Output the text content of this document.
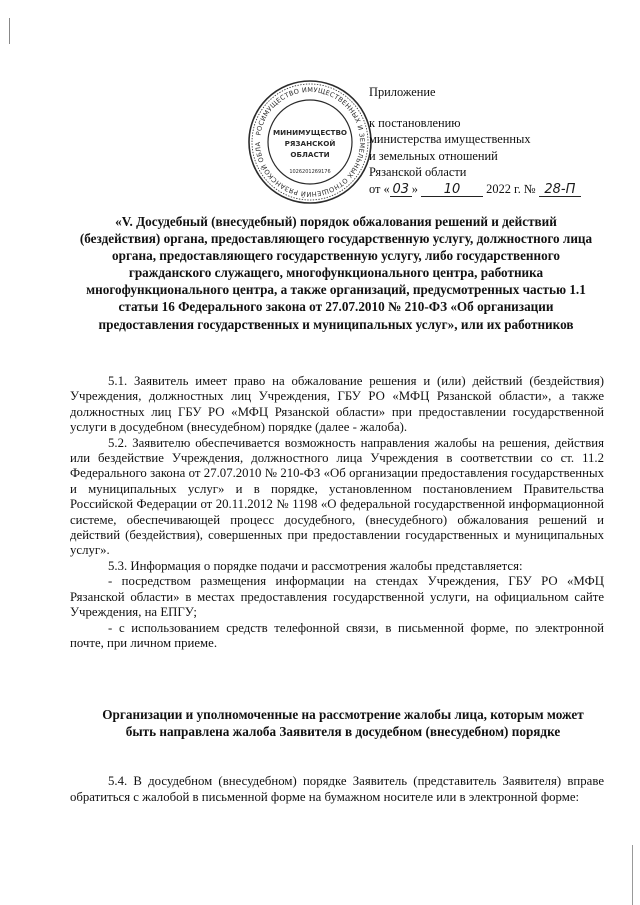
РОСИМУЩЕСТВО ИМУЩЕСТВЕННЫХ И ЗЕМЕЛЬНЫХ ОТНОШЕНИЙ РЯЗАНСКОЙ ОБЛА
МИНИМУЩЕСТВО
РЯЗАНСКОЙ
ОБЛАСТИ
1026201269176
Приложение
к постановлению
министерства имущественных
и земельных отношений
Рязанской области
от « 03 » 10 2022 г. № 28-П
«V. Досудебный (внесудебный) порядок обжалования решений и действий (бездействия) органа, предоставляющего государственную услугу, должностного лица органа, предоставляющего государственную услугу, либо государственного гражданского служащего, многофункционального центра, работника многофункционального центра, а также организаций, предусмотренных частью 1.1 статьи 16 Федерального закона от 27.07.2010 № 210-ФЗ «Об организации предоставления государственных и муниципальных услуг», или их работников

5.1. Заявитель имеет право на обжалование решения и (или) действий (бездействия) Учреждения, должностных лиц Учреждения, ГБУ РО «МФЦ Рязанской области», а также должностных лиц ГБУ РО «МФЦ Рязанской области» при предоставлении государственной услуги в досудебном (внесудебном) порядке (далее - жалоба).

5.2. Заявителю обеспечивается возможность направления жалобы на решения, действия или бездействие Учреждения, должностного лица Учреждения в соответствии со ст. 11.2 Федерального закона от 27.07.2010 № 210-ФЗ «Об организации предоставления государственных и муниципальных услуг» и в порядке, установленном постановлением Правительства Российской Федерации от 20.11.2012 № 1198 «О федеральной государственной информационной системе, обеспечивающей процесс досудебного, (внесудебного) обжалования решений и действий (бездействия), совершенных при предоставлении государственных и муниципальных услуг».

5.3. Информация о порядке подачи и рассмотрения жалобы представляется:

- посредством размещения информации на стендах Учреждения, ГБУ РО «МФЦ Рязанской области» в местах предоставления государственной услуги, на официальном сайте Учреждения, на ЕПГУ;

- с использованием средств телефонной связи, в письменной форме, по электронной почте, при личном приеме.

Организации и уполномоченные на рассмотрение жалобы лица, которым может быть направлена жалоба Заявителя в досудебном (внесудебном) порядке

5.4. В досудебном (внесудебном) порядке Заявитель (представитель Заявителя) вправе обратиться с жалобой в письменной форме на бумажном носителе или в электронной форме:
